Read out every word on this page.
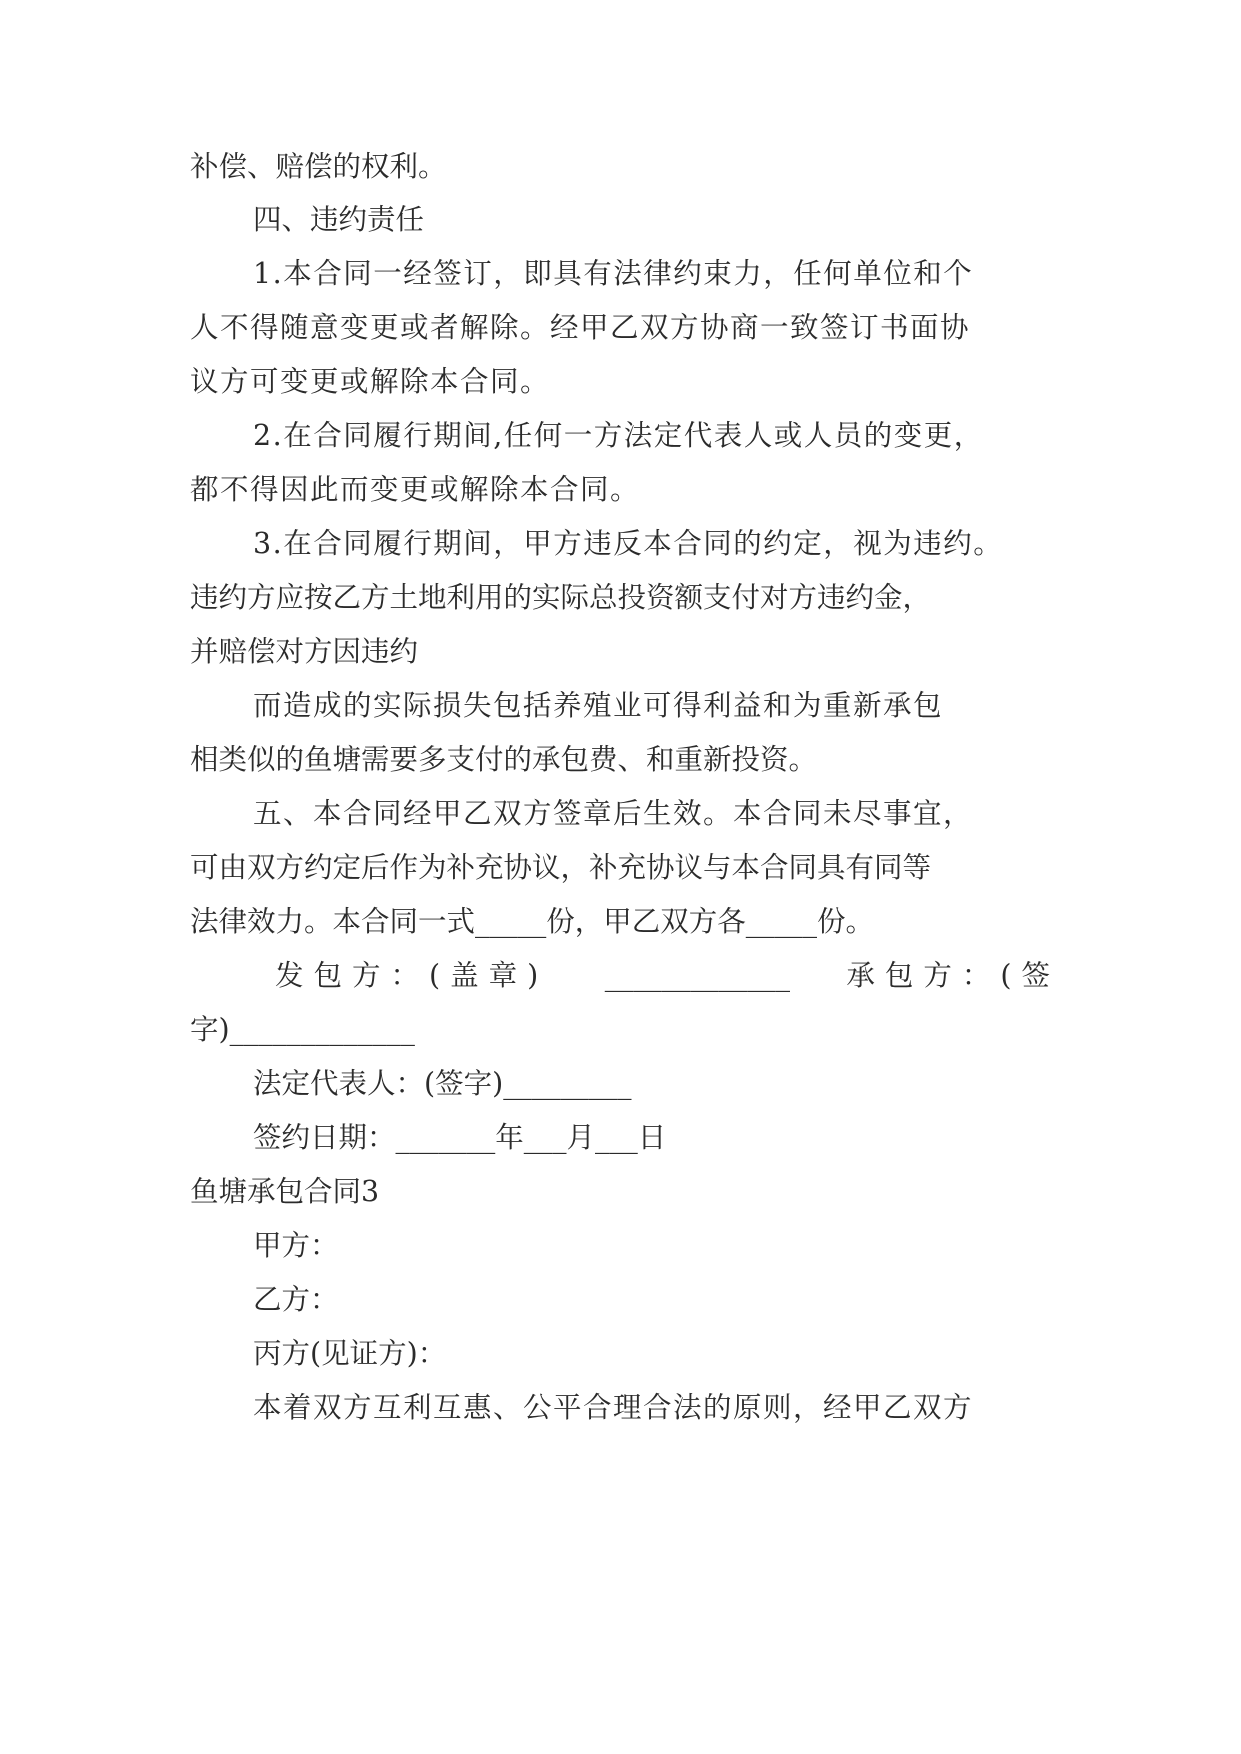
补偿、赔偿的权利。
四、违约责任
1.本合同一经签订，即具有法律约束力，任何单位和个
人不得随意变更或者解除。经甲乙双方协商一致签订书面协
议方可变更或解除本合同。
2.在合同履行期间,任何一方法定代表人或人员的变更，
都不得因此而变更或解除本合同。
3.在合同履行期间，甲方违反本合同的约定，视为违约。
违约方应按乙方土地利用的实际总投资额支付对方违约金，
并赔偿对方因违约
而造成的实际损失包括养殖业可得利益和为重新承包
相类似的鱼塘需要多支付的承包费、和重新投资。
五、本合同经甲乙双方签章后生效。本合同未尽事宜，
可由双方约定后作为补充协议，补充协议与本合同具有同等
法律效力。本合同一式_____份，甲乙双方各_____份。
发包方：(盖章) _____________ 承包方：(签
字)_____________
法定代表人：(签字)_________
签约日期：_______年___月___日
鱼塘承包合同3
甲方：
乙方：
丙方(见证方)：
本着双方互利互惠、公平合理合法的原则，经甲乙双方
